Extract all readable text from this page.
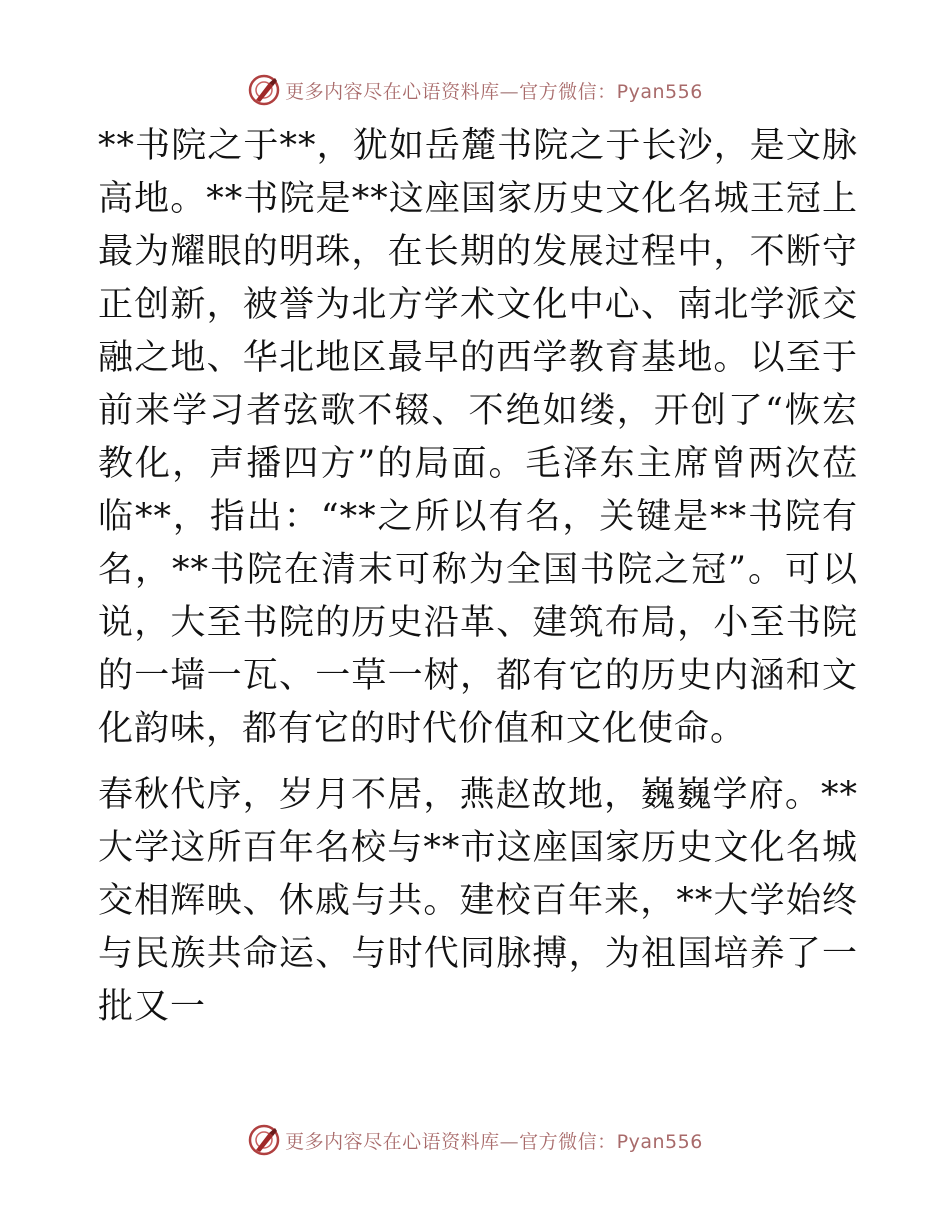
更多内容尽在心语资料库—官方微信：Pyan556

**书院之于**，犹如岳麓书院之于长沙，是文脉高地。**书院是**这座国家历史文化名城王冠上最为耀眼的明珠，在长期的发展过程中，不断守正创新，被誉为北方学术文化中心、南北学派交融之地、华北地区最早的西学教育基地。以至于前来学习者弦歌不辍、不绝如缕，开创了“恢宏教化，声播四方”的局面。毛泽东主席曾两次莅临**，指出：“**之所以有名，关键是**书院有名，**书院在清末可称为全国书院之冠”。可以说，大至书院的历史沿革、建筑布局，小至书院的一墙一瓦、一草一树，都有它的历史内涵和文化韵味，都有它的时代价值和文化使命。

春秋代序，岁月不居，燕赵故地，巍巍学府。**大学这所百年名校与**市这座国家历史文化名城交相辉映、休戚与共。建校百年来，**大学始终与民族共命运、与时代同脉搏，为祖国培养了一批又一

更多内容尽在心语资料库—官方微信：Pyan556
